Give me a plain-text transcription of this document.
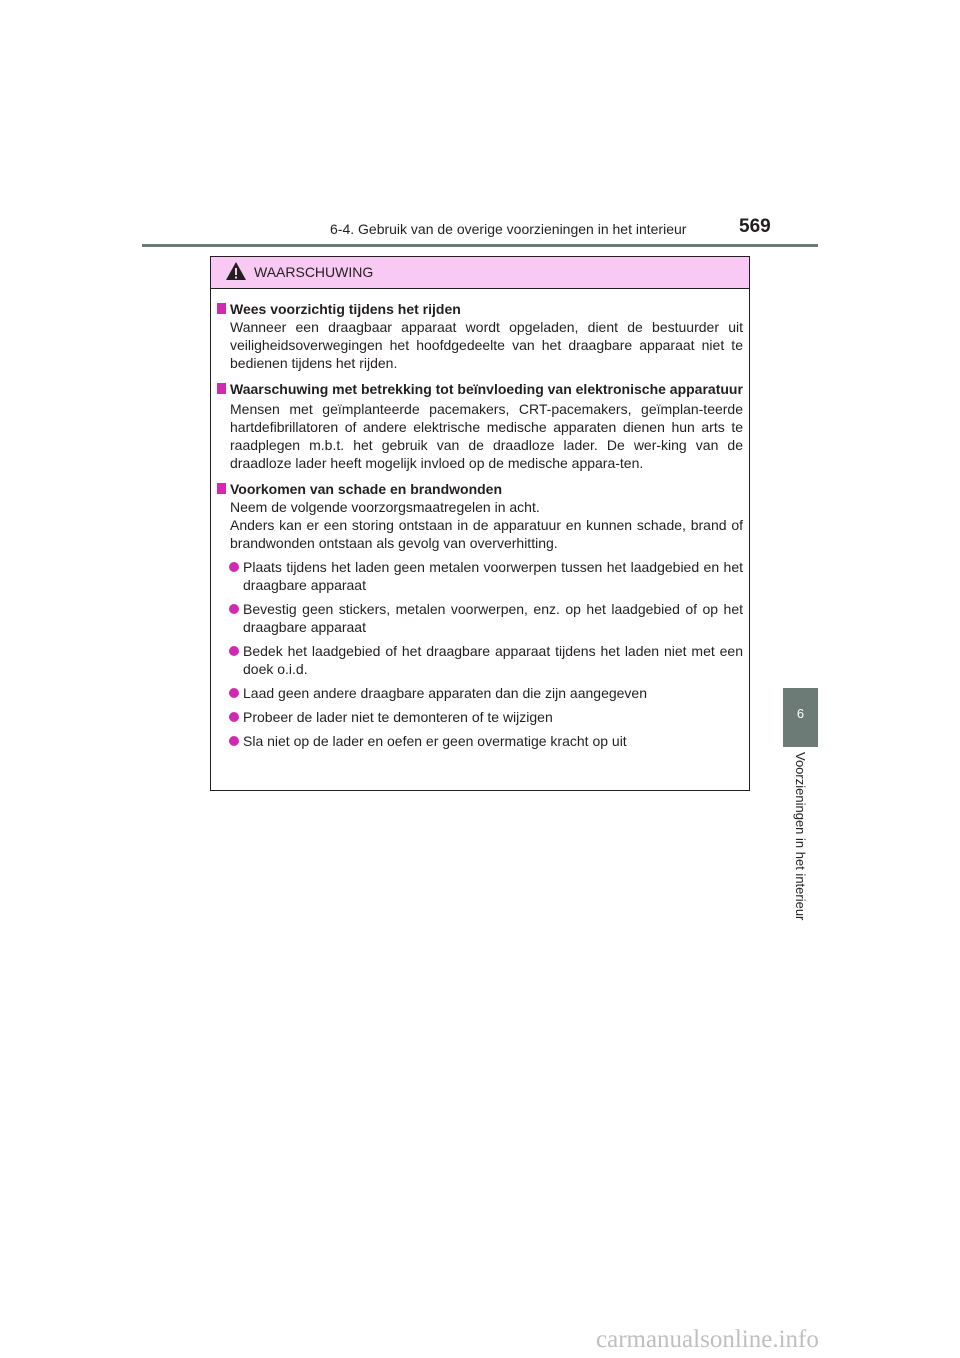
6-4. Gebruik van de overige voorzieningen in het interieur	569
6
Voorzieningen in het interieur
WAARSCHUWING
Wees voorzichtig tijdens het rijden
Wanneer een draagbaar apparaat wordt opgeladen, dient de bestuurder uit veiligheidsoverwegingen het hoofdgedeelte van het draagbare apparaat niet te bedienen tijdens het rijden.
Waarschuwing met betrekking tot beïnvloeding van elektronische apparatuur
Mensen met geïmplanteerde pacemakers, CRT-pacemakers, geïmplan-teerde hartdefibrillatoren of andere elektrische medische apparaten dienen hun arts te raadplegen m.b.t. het gebruik van de draadloze lader. De wer-king van de draadloze lader heeft mogelijk invloed op de medische appara-ten.
Voorkomen van schade en brandwonden
Neem de volgende voorzorgsmaatregelen in acht.
Anders kan er een storing ontstaan in de apparatuur en kunnen schade, brand of brandwonden ontstaan als gevolg van oververhitting.
Plaats tijdens het laden geen metalen voorwerpen tussen het laadgebied en het draagbare apparaat
Bevestig geen stickers, metalen voorwerpen, enz. op het laadgebied of op het draagbare apparaat
Bedek het laadgebied of het draagbare apparaat tijdens het laden niet met een doek o.i.d.
Laad geen andere draagbare apparaten dan die zijn aangegeven
Probeer de lader niet te demonteren of te wijzigen
Sla niet op de lader en oefen er geen overmatige kracht op uit
carmanualsonline.info
